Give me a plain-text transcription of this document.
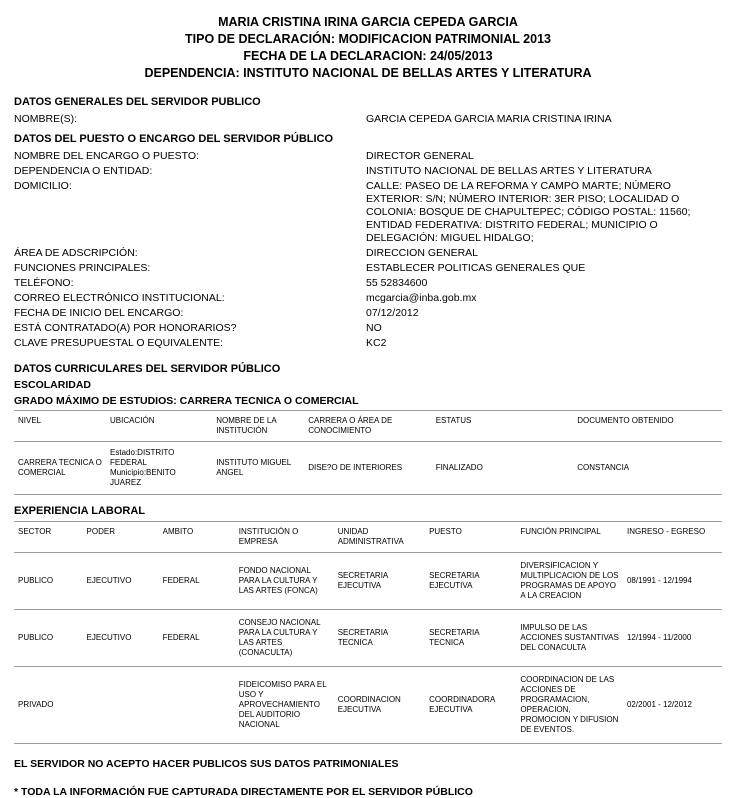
MARIA CRISTINA IRINA GARCIA CEPEDA GARCIA
TIPO DE DECLARACIÓN: MODIFICACION PATRIMONIAL 2013
FECHA DE LA DECLARACION: 24/05/2013
DEPENDENCIA: INSTITUTO NACIONAL DE BELLAS ARTES Y LITERATURA
DATOS GENERALES DEL SERVIDOR PUBLICO
NOMBRE(S):	GARCIA CEPEDA GARCIA MARIA CRISTINA IRINA
DATOS DEL PUESTO O ENCARGO DEL SERVIDOR PÚBLICO
NOMBRE DEL ENCARGO O PUESTO:	DIRECTOR GENERAL
DEPENDENCIA O ENTIDAD:	INSTITUTO NACIONAL DE BELLAS ARTES Y LITERATURA
DOMICILIO:	CALLE: PASEO DE LA REFORMA Y CAMPO MARTE; NÚMERO EXTERIOR: S/N; NÚMERO INTERIOR: 3ER PISO; LOCALIDAD O COLONIA: BOSQUE DE CHAPULTEPEC; CÓDIGO POSTAL: 11560; ENTIDAD FEDERATIVA: DISTRITO FEDERAL; MUNICIPIO O DELEGACIÓN: MIGUEL HIDALGO;
ÁREA DE ADSCRIPCIÓN:	DIRECCION GENERAL
FUNCIONES PRINCIPALES:	ESTABLECER POLITICAS GENERALES QUE
TELÉFONO:	55 52834600
CORREO ELECTRÓNICO INSTITUCIONAL:	mcgarcia@inba.gob.mx
FECHA DE INICIO DEL ENCARGO:	07/12/2012
ESTÁ CONTRATADO(A) POR HONORARIOS?	NO
CLAVE PRESUPUESTAL O EQUIVALENTE:	KC2
DATOS CURRICULARES DEL SERVIDOR PÚBLICO
ESCOLARIDAD
GRADO MÁXIMO DE ESTUDIOS: CARRERA TECNICA O COMERCIAL
NIVEL	UBICACIÓN	NOMBRE DE LA INSTITUCIÓN	CARRERA O ÁREA DE CONOCIMIENTO	ESTATUS	DOCUMENTO OBTENIDO
CARRERA TECNICA O COMERCIAL	Estado:DISTRITO FEDERAL Municipio:BENITO JUAREZ	INSTITUTO MIGUEL ANGEL	DISE?O DE INTERIORES	FINALIZADO	CONSTANCIA
EXPERIENCIA LABORAL
SECTOR	PODER	AMBITO	INSTITUCIÓN O EMPRESA	UNIDAD ADMINISTRATIVA	PUESTO	FUNCIÓN PRINCIPAL	INGRESO - EGRESO
PUBLICO	EJECUTIVO	FEDERAL	FONDO NACIONAL PARA LA CULTURA Y LAS ARTES (FONCA)	SECRETARIA EJECUTIVA	SECRETARIA EJECUTIVA	DIVERSIFICACION Y MULTIPLICACION DE LOS PROGRAMAS DE APOYO A LA CREACION	08/1991 - 12/1994
PUBLICO	EJECUTIVO	FEDERAL	CONSEJO NACIONAL PARA LA CULTURA Y LAS ARTES (CONACULTA)	SECRETARIA TECNICA	SECRETARIA TECNICA	IMPULSO DE LAS ACCIONES SUSTANTIVAS DEL CONACULTA	12/1994 - 11/2000
PRIVADO			FIDEICOMISO PARA EL USO Y APROVECHAMIENTO DEL AUDITORIO NACIONAL	COORDINACION EJECUTIVA	COORDINADORA EJECUTIVA	COORDINACION DE LAS ACCIONES DE PROGRAMACION, OPERACION, PROMOCION Y DIFUSION DE EVENTOS.	02/2001 - 12/2012
EL SERVIDOR NO ACEPTO HACER PUBLICOS SUS DATOS PATRIMONIALES
* TODA LA INFORMACIÓN FUE CAPTURADA DIRECTAMENTE POR EL SERVIDOR PÚBLICO
